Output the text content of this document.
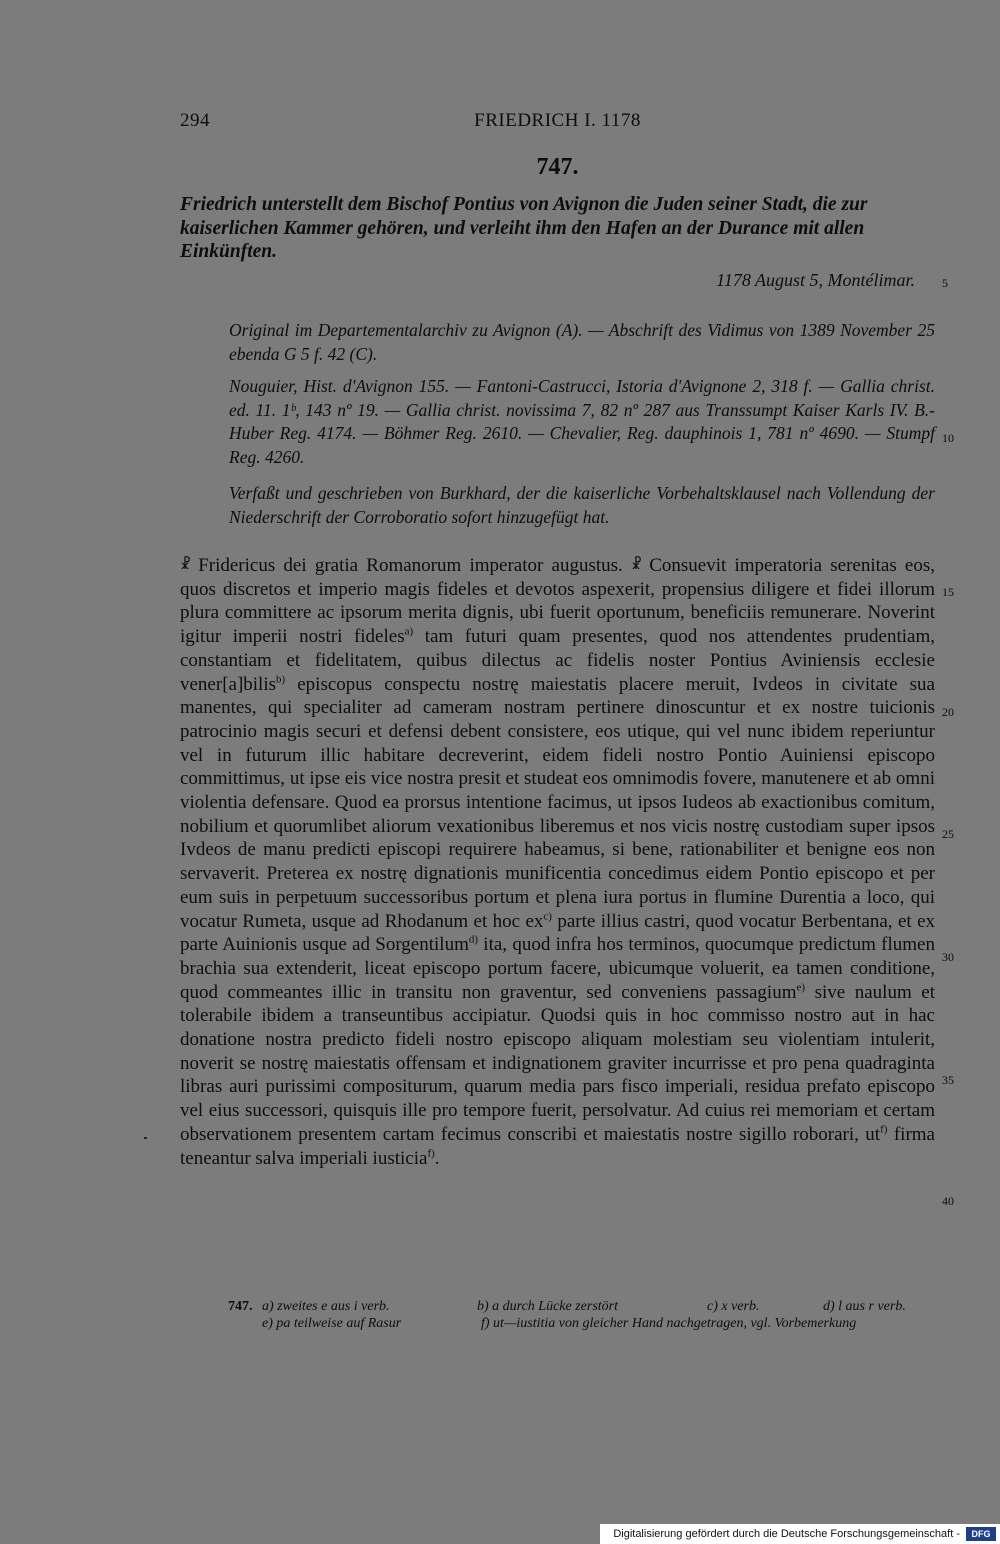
294	FRIEDRICH I. 1178
747.
Friedrich unterstellt dem Bischof Pontius von Avignon die Juden seiner Stadt, die zur kaiserlichen Kammer gehören, und verleiht ihm den Hafen an der Durance mit allen Einkünften.
1178 August 5, Montélimar.
Original im Departementalarchiv zu Avignon (A). — Abschrift des Vidimus von 1389 November 25 ebenda G 5 f. 42 (C).
Nouguier, Hist. d'Avignon 155. — Fantoni-Castrucci, Istoria d'Avignone 2, 318 f. — Gallia christ. ed. 11. 1ᵇ, 143 nº 19. — Gallia christ. novissima 7, 82 nº 287 aus Transsumpt Kaiser Karls IV. B.-Huber Reg. 4174. — Böhmer Reg. 2610. — Chevalier, Reg. dauphinois 1, 781 nº 4690. — Stumpf Reg. 4260.
Verfaßt und geschrieben von Burkhard, der die kaiserliche Vorbehaltsklausel nach Vollendung der Niederschrift der Corroboratio sofort hinzugefügt hat.
☧ Fridericus dei gratia Romanorum imperator augustus. ☧ Consuevit imperatoria serenitas eos, quos discretos et imperio magis fideles et devotos aspexerit, propensius diligere et fidei illorum plura committere ac ipsorum merita dignis, ubi fuerit oportunum, beneficiis remunerare. Noverint igitur imperii nostri fideles$^{a)}$ tam futuri quam presentes, quod nos attendentes prudentiam, constantiam et fidelitatem, quibus dilectus ac fidelis noster Pontius Aviniensis ecclesie vener[a]bilis$^{b)}$ episcopus conspectu nostrę maiestatis placere meruit, Ivdeos in civitate sua manentes, qui specialiter ad cameram nostram pertinere dinoscuntur et ex nostre tuicionis patrocinio magis securi et defensi debent consistere, eos utique, qui vel nunc ibidem reperiuntur vel in futurum illic habitare decreverint, eidem fideli nostro Pontio Auiniensi episcopo committimus, ut ipse eis vice nostra presit et studeat eos omnimodis fovere, manutenere et ab omni violentia defensare. Quod ea prorsus intentione facimus, ut ipsos Iudeos ab exactionibus comitum, nobilium et quorumlibet aliorum vexationibus liberemus et nos vicis nostrę custodiam super ipsos Ivdeos de manu predicti episcopi requirere habeamus, si bene, rationabiliter et benigne eos non servaverit. Preterea ex nostrę dignationis munificentia concedimus eidem Pontio episcopo et per eum suis in perpetuum successoribus portum et plena iura portus in flumine Durentia a loco, qui vocatur Rumeta, usque ad Rhodanum et hoc $ex^{c)}$ parte illius castri, quod vocatur Berbentana, et ex parte Auinionis usque ad Sorgentilum$^{d)}$ ita, quod infra hos terminos, quocumque predictum flumen brachia sua extenderit, liceat episcopo portum facere, ubicumque voluerit, ea tamen conditione, quod commeantes illic in transitu non graventur, sed conveniens passagium$^{e)}$ sive naulum et tolerabile ibidem a transeuntibus accipiatur. Quodsi quis in hoc commisso nostro aut in hac donatione nostra predicto fideli nostro episcopo aliquam molestiam seu violentiam intulerit, noverit se nostrę maiestatis offensam et indignationem graviter incurrisse et pro pena quadraginta libras auri purissimi compositurum, quarum media pars fisco imperiali, residua prefato episcopo vel eius successori, quisquis ille pro tempore fuerit, persolvatur. Ad cuius rei memoriam et certam observationem presentem cartam fecimus conscribi et maiestatis nostre sigillo roborari, $ut^{f)}$ firma teneantur salva imperiali iusticia$^{f)}$.
5
10
15
20
25
30
35
40
747. a) zweites e aus i verb.	b) a durch Lücke zerstört	c) x verb.	d) l aus r verb.
e) pa teilweise auf Rasur	f) ut—iustitia von gleicher Hand nachgetragen, vgl. Vorbemerkung
Digitalisierung gefördert durch die Deutsche Forschungsgemeinschaft -	DFG
